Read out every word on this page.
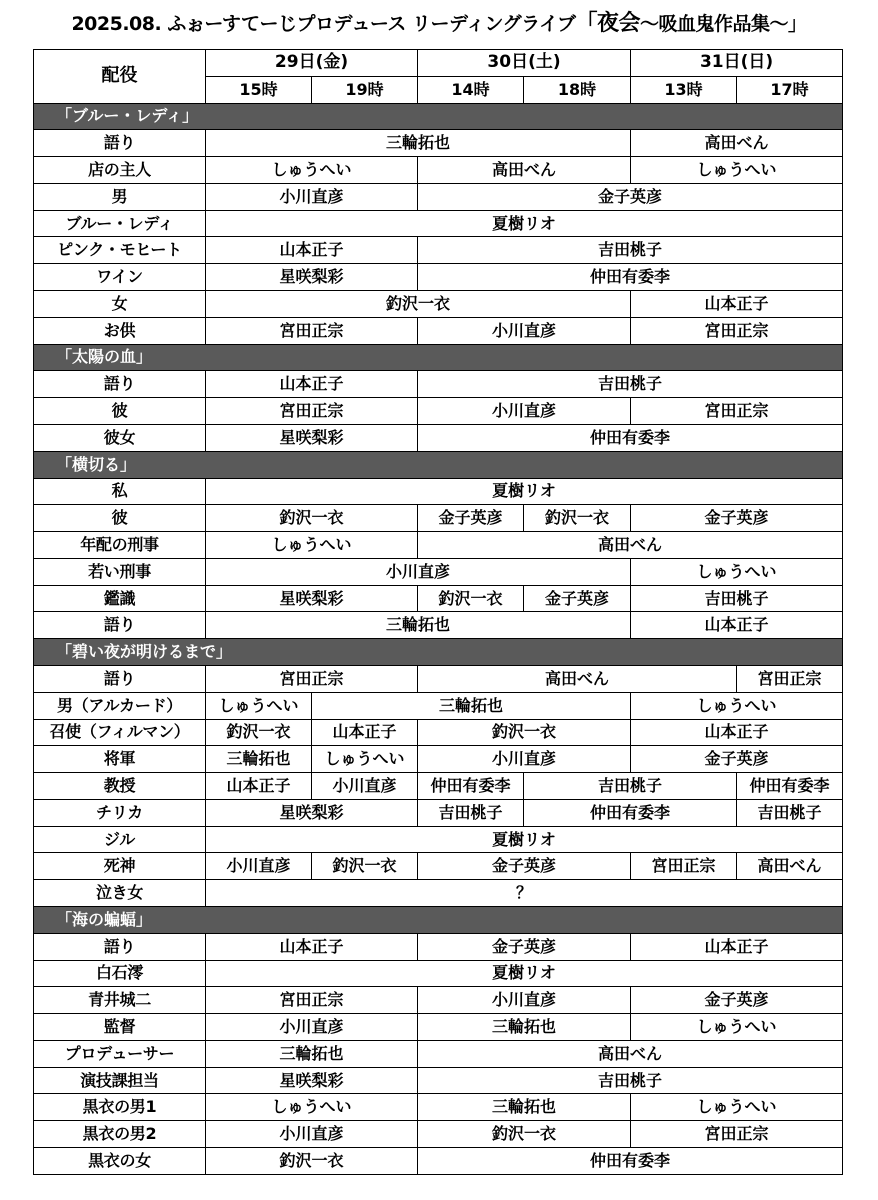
2025.08. ふぉーすてーじプロデュース リーディングライブ「夜会～吸血鬼作品集～」
配役	29日(金)		30日(土)		31日(日)	
	15時	19時	14時	18時	13時	17時
「ブルー・レディ」						
語り	三輪拓也				高田べん	
店の主人	しゅうへい		高田べん		しゅうへい	
男	小川直彦		金子英彦			
ブルー・レディ	夏樹リオ					
ピンク・モヒート	山本正子		吉田桃子			
ワイン	星咲梨彩		仲田有委李			
女	釣沢一衣				山本正子	
お供	宮田正宗		小川直彦		宮田正宗	
「太陽の血」						
語り	山本正子		吉田桃子			
彼	宮田正宗		小川直彦		宮田正宗	
彼女	星咲梨彩		仲田有委李			
「横切る」						
私	夏樹リオ					
彼	釣沢一衣		金子英彦	釣沢一衣	金子英彦	
年配の刑事	しゅうへい		高田べん			
若い刑事	小川直彦				しゅうへい	
鑑識	星咲梨彩		釣沢一衣	金子英彦	吉田桃子	
語り	三輪拓也				山本正子	
「碧い夜が明けるまで」						
語り	宮田正宗		高田べん			宮田正宗
男（アルカード）	しゅうへい	三輪拓也			しゅうへい	
召使（フィルマン）	釣沢一衣	山本正子	釣沢一衣		山本正子	
将軍	三輪拓也	しゅうへい	小川直彦		金子英彦	
教授	山本正子	小川直彦	仲田有委李	吉田桃子		仲田有委李
チリカ	星咲梨彩		吉田桃子	仲田有委李		吉田桃子
ジル	夏樹リオ					
死神	小川直彦	釣沢一衣	金子英彦		宮田正宗	高田べん
泣き女	？					
「海の蝙蝠」						
語り	山本正子		金子英彦		山本正子	
白石澪	夏樹リオ					
青井城二	宮田正宗		小川直彦		金子英彦	
監督	小川直彦		三輪拓也		しゅうへい	
プロデューサー	三輪拓也		高田べん			
演技課担当	星咲梨彩		吉田桃子			
黒衣の男1	しゅうへい		三輪拓也		しゅうへい	
黒衣の男2	小川直彦		釣沢一衣		宮田正宗	
黒衣の女	釣沢一衣		仲田有委李			
